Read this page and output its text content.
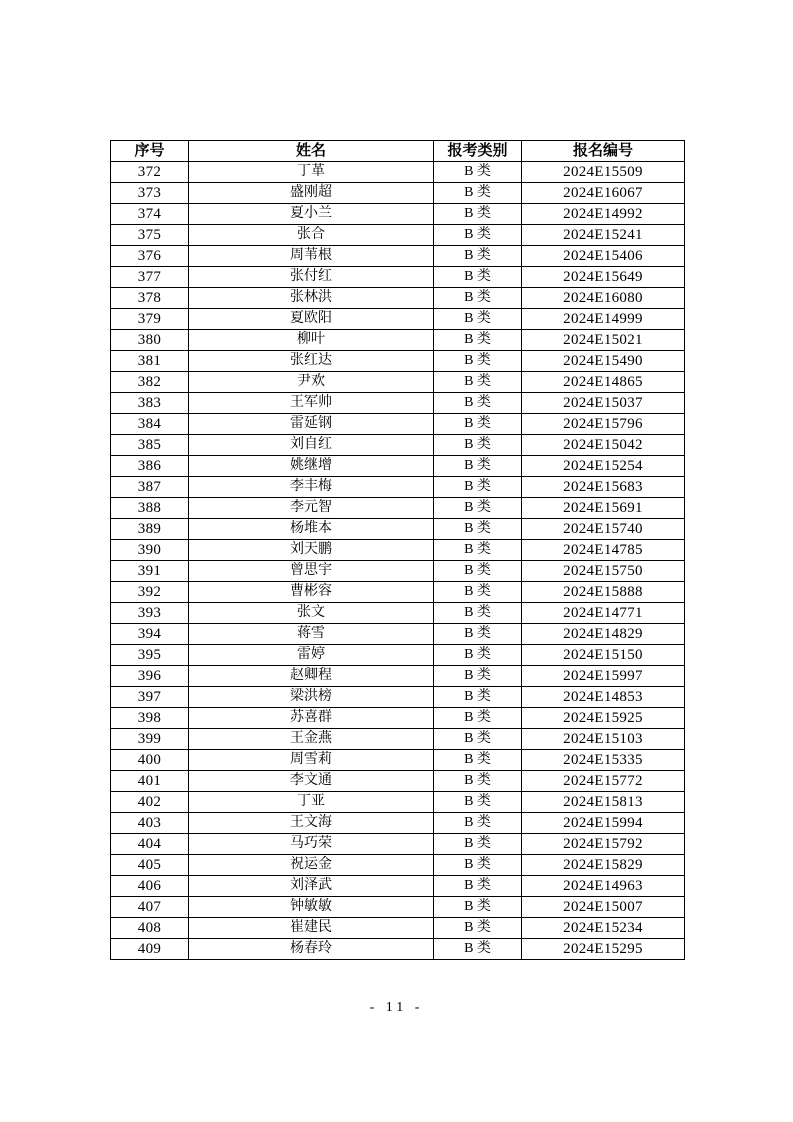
序号	姓名	报考类别	报名编号
372	丁革	B 类	2024E15509
373	盛刚超	B 类	2024E16067
374	夏小兰	B 类	2024E14992
375	张合	B 类	2024E15241
376	周苇根	B 类	2024E15406
377	张付红	B 类	2024E15649
378	张林洪	B 类	2024E16080
379	夏欧阳	B 类	2024E14999
380	柳叶	B 类	2024E15021
381	张红达	B 类	2024E15490
382	尹欢	B 类	2024E14865
383	王军帅	B 类	2024E15037
384	雷延钢	B 类	2024E15796
385	刘自红	B 类	2024E15042
386	姚继增	B 类	2024E15254
387	李丰梅	B 类	2024E15683
388	李元智	B 类	2024E15691
389	杨堆本	B 类	2024E15740
390	刘天鹏	B 类	2024E14785
391	曾思宇	B 类	2024E15750
392	曹彬容	B 类	2024E15888
393	张文	B 类	2024E14771
394	蒋雪	B 类	2024E14829
395	雷婷	B 类	2024E15150
396	赵卿程	B 类	2024E15997
397	梁洪榜	B 类	2024E14853
398	苏喜群	B 类	2024E15925
399	王金燕	B 类	2024E15103
400	周雪莉	B 类	2024E15335
401	李文通	B 类	2024E15772
402	丁亚	B 类	2024E15813
403	王文海	B 类	2024E15994
404	马巧荣	B 类	2024E15792
405	祝运金	B 类	2024E15829
406	刘泽武	B 类	2024E14963
407	钟敏敏	B 类	2024E15007
408	崔建民	B 类	2024E15234
409	杨春玲	B 类	2024E15295
- 11 -
